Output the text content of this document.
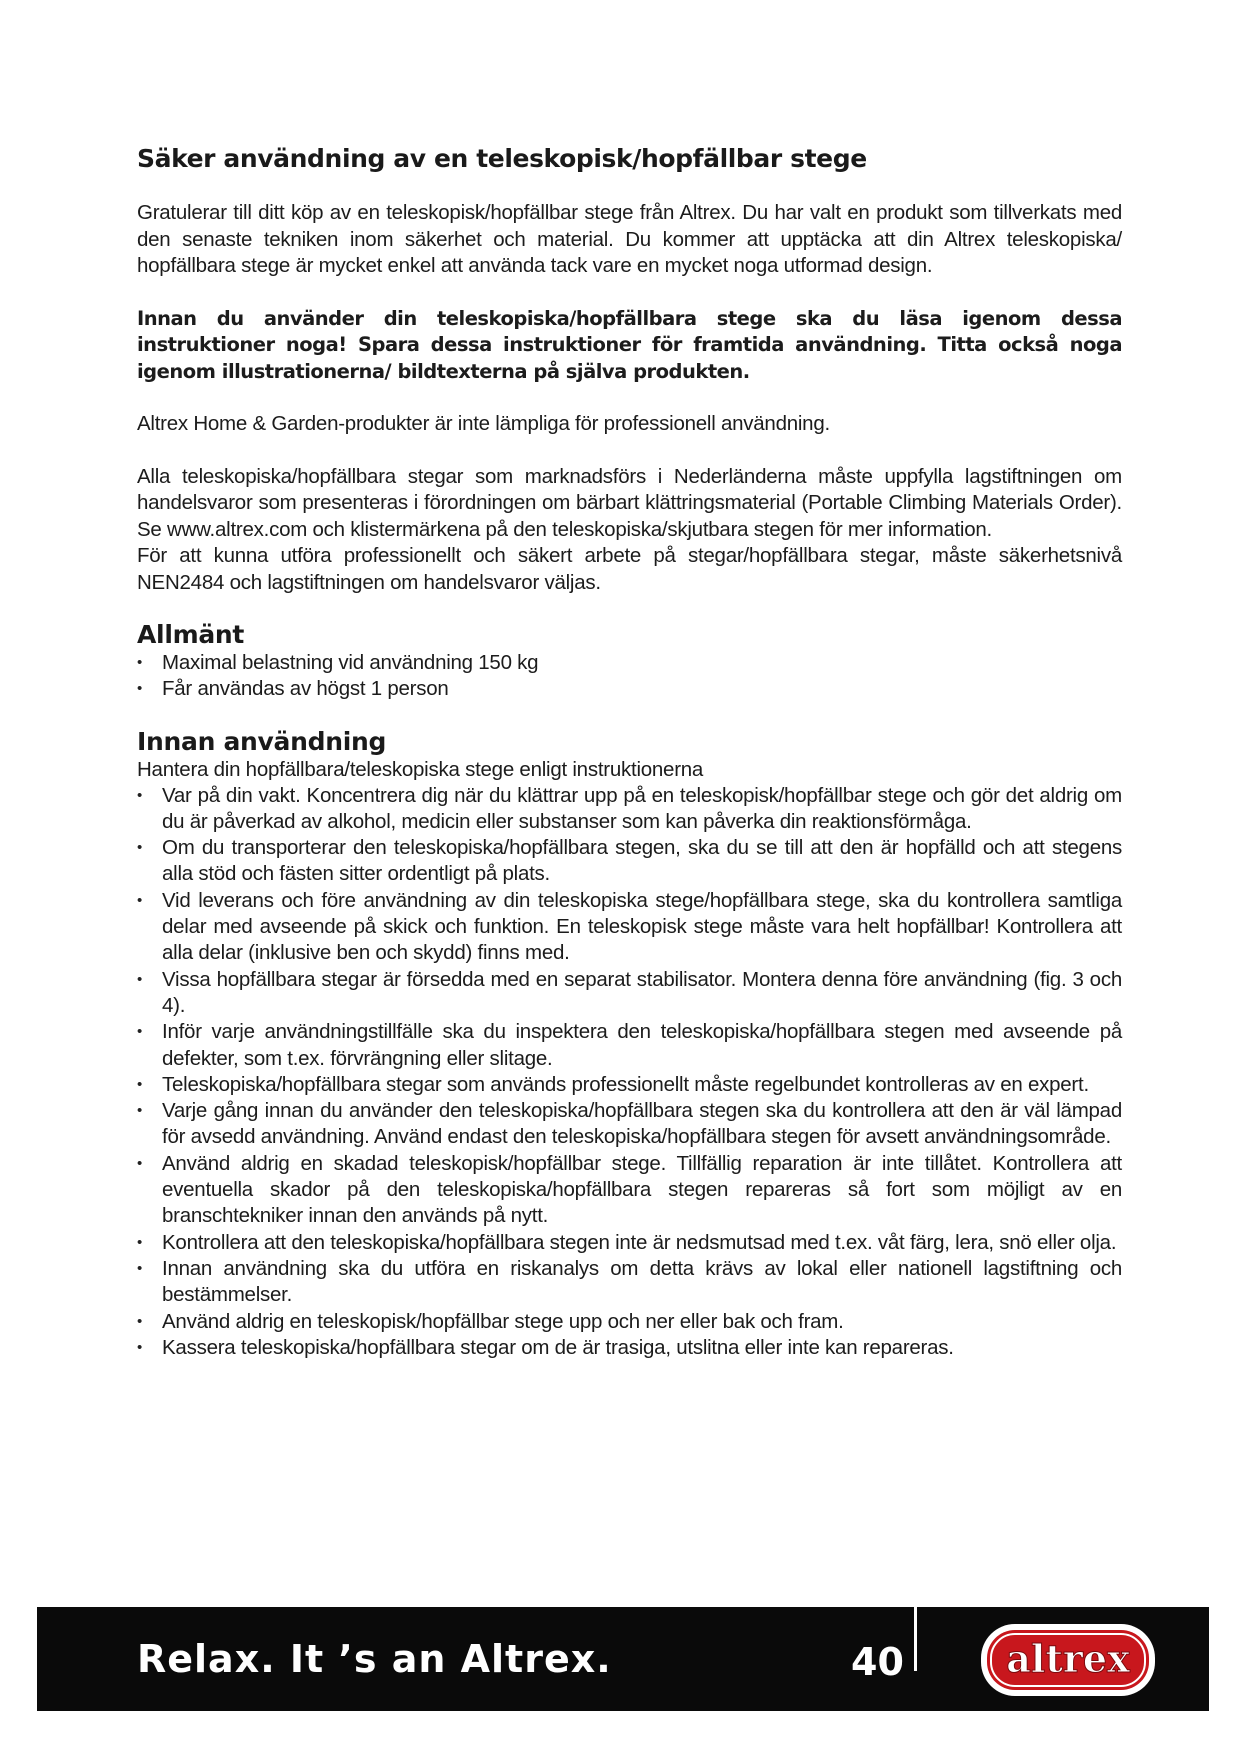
Säker användning av en teleskopisk/hopfällbar stege

Gratulerar till ditt köp av en teleskopisk/hopfällbar stege från Altrex. Du har valt en produkt som tillverkats med den senaste tekniken inom säkerhet och material. Du kommer att upptäcka att din Altrex teleskopiska/ hopfällbara stege är mycket enkel att använda tack vare en mycket noga utformad design.

Innan du använder din teleskopiska/hopfällbara stege ska du läsa igenom dessa instruktioner noga! Spara dessa instruktioner för framtida användning. Titta också noga igenom illustrationerna/ bildtexterna på själva produkten.

Altrex Home & Garden-produkter är inte lämpliga för professionell användning.

Alla teleskopiska/hopfällbara stegar som marknadsförs i Nederländerna måste uppfylla lagstiftningen om handelsvaror som presenteras i förordningen om bärbart klättringsmaterial (Portable Climbing Materials Order). Se www.altrex.com och klistermärkena på den teleskopiska/skjutbara stegen för mer information.

För att kunna utföra professionellt och säkert arbete på stegar/hopfällbara stegar, måste säkerhetsnivå NEN2484 och lagstiftningen om handelsvaror väljas.

Allmänt
• Maximal belastning vid användning 150 kg
• Får användas av högst 1 person
Innan användning

Hantera din hopfällbara/teleskopiska stege enligt instruktionerna

• Var på din vakt. Koncentrera dig när du klättrar upp på en teleskopisk/hopfällbar stege och gör det aldrig om du är påverkad av alkohol, medicin eller substanser som kan påverka din reaktionsförmåga.
• Om du transporterar den teleskopiska/hopfällbara stegen, ska du se till att den är hopfälld och att stegens alla stöd och fästen sitter ordentligt på plats.
• Vid leverans och före användning av din teleskopiska stege/hopfällbara stege, ska du kontrollera samtliga delar med avseende på skick och funktion. En teleskopisk stege måste vara helt hopfällbar! Kontrollera att alla delar (inklusive ben och skydd) finns med.
• Vissa hopfällbara stegar är försedda med en separat stabilisator. Montera denna före användning (fig. 3 och 4).
• Inför varje användningstillfälle ska du inspektera den teleskopiska/hopfällbara stegen med avseende på defekter, som t.ex. förvrängning eller slitage.
• Teleskopiska/hopfällbara stegar som används professionellt måste regelbundet kontrolleras av en expert.
• Varje gång innan du använder den teleskopiska/hopfällbara stegen ska du kontrollera att den är väl lämpad för avsedd användning. Använd endast den teleskopiska/hopfällbara stegen för avsett användningsområde.
• Använd aldrig en skadad teleskopisk/hopfällbar stege. Tillfällig reparation är inte tillåtet. Kontrollera att eventuella skador på den teleskopiska/hopfällbara stegen repareras så fort som möjligt av en branschtekniker innan den används på nytt.
• Kontrollera att den teleskopiska/hopfällbara stegen inte är nedsmutsad med t.ex. våt färg, lera, snö eller olja.
• Innan användning ska du utföra en riskanalys om detta krävs av lokal eller nationell lagstiftning och bestämmelser.
• Använd aldrig en teleskopisk/hopfällbar stege upp och ner eller bak och fram.
• Kassera teleskopiska/hopfällbara stegar om de är trasiga, utslitna eller inte kan repareras.
Relax. It ’s an Altrex.	40	altrex
